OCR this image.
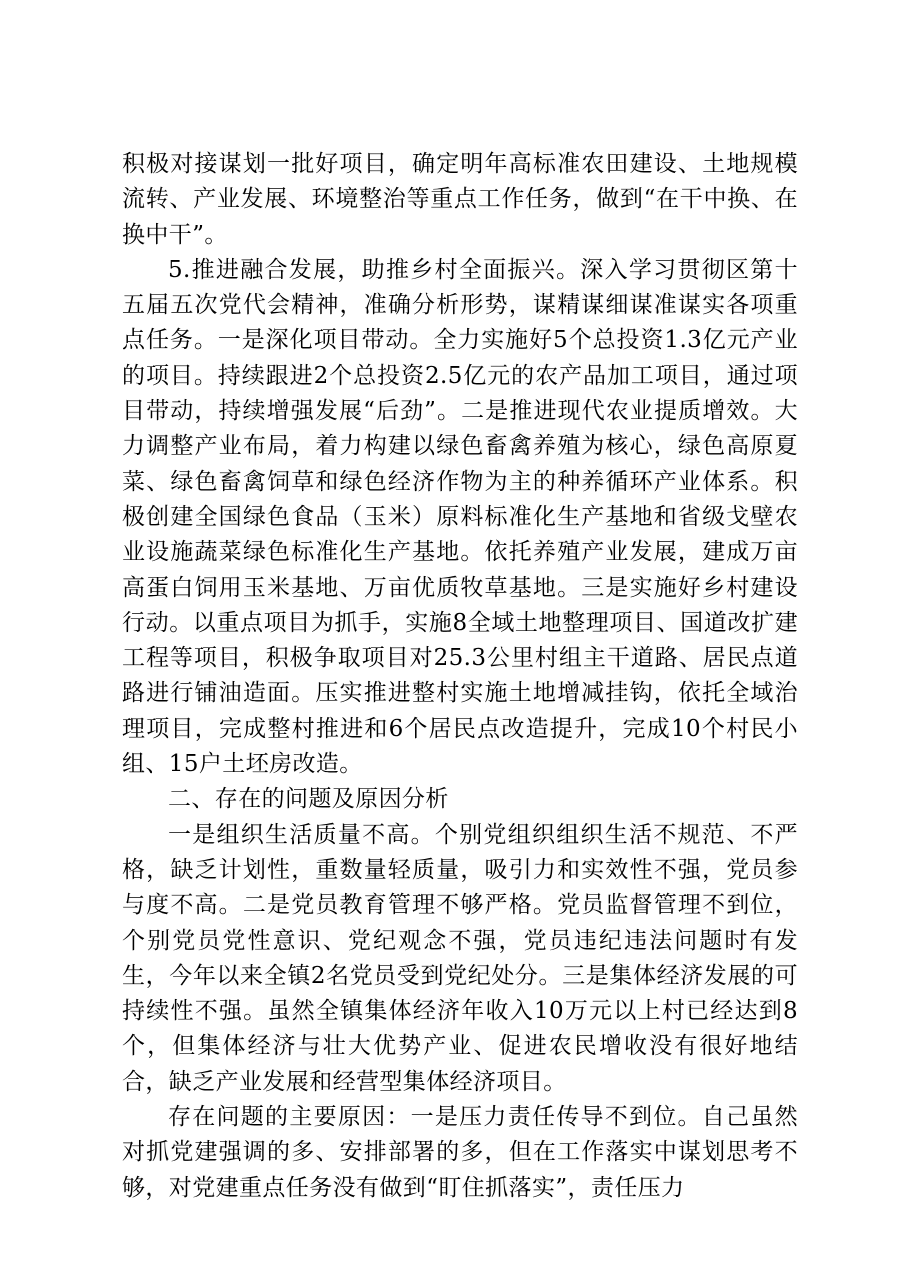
积极对接谋划一批好项目，确定明年高标准农田建设、土地规模流转、产业发展、环境整治等重点工作任务，做到“在干中换、在换中干”。

5.推进融合发展，助推乡村全面振兴。深入学习贯彻区第十五届五次党代会精神，准确分析形势，谋精谋细谋准谋实各项重点任务。一是深化项目带动。全力实施好5个总投资1.3亿元产业的项目。持续跟进2个总投资2.5亿元的农产品加工项目，通过项目带动，持续增强发展“后劲”。二是推进现代农业提质增效。大力调整产业布局，着力构建以绿色畜禽养殖为核心，绿色高原夏菜、绿色畜禽饲草和绿色经济作物为主的种养循环产业体系。积极创建全国绿色食品（玉米）原料标准化生产基地和省级戈壁农业设施蔬菜绿色标准化生产基地。依托养殖产业发展，建成万亩高蛋白饲用玉米基地、万亩优质牧草基地。三是实施好乡村建设行动。以重点项目为抓手，实施8全域土地整理项目、国道改扩建工程等项目，积极争取项目对25.3公里村组主干道路、居民点道路进行铺油造面。压实推进整村实施土地增减挂钩，依托全域治理项目，完成整村推进和6个居民点改造提升，完成10个村民小组、15户土坯房改造。

二、存在的问题及原因分析

一是组织生活质量不高。个别党组织组织生活不规范、不严格，缺乏计划性，重数量轻质量，吸引力和实效性不强，党员参与度不高。二是党员教育管理不够严格。党员监督管理不到位，个别党员党性意识、党纪观念不强，党员违纪违法问题时有发生，今年以来全镇2名党员受到党纪处分。三是集体经济发展的可持续性不强。虽然全镇集体经济年收入10万元以上村已经达到8个，但集体经济与壮大优势产业、促进农民增收没有很好地结合，缺乏产业发展和经营型集体经济项目。

存在问题的主要原因：一是压力责任传导不到位。自己虽然对抓党建强调的多、安排部署的多，但在工作落实中谋划思考不够，对党建重点任务没有做到“盯住抓落实”，责任压力
